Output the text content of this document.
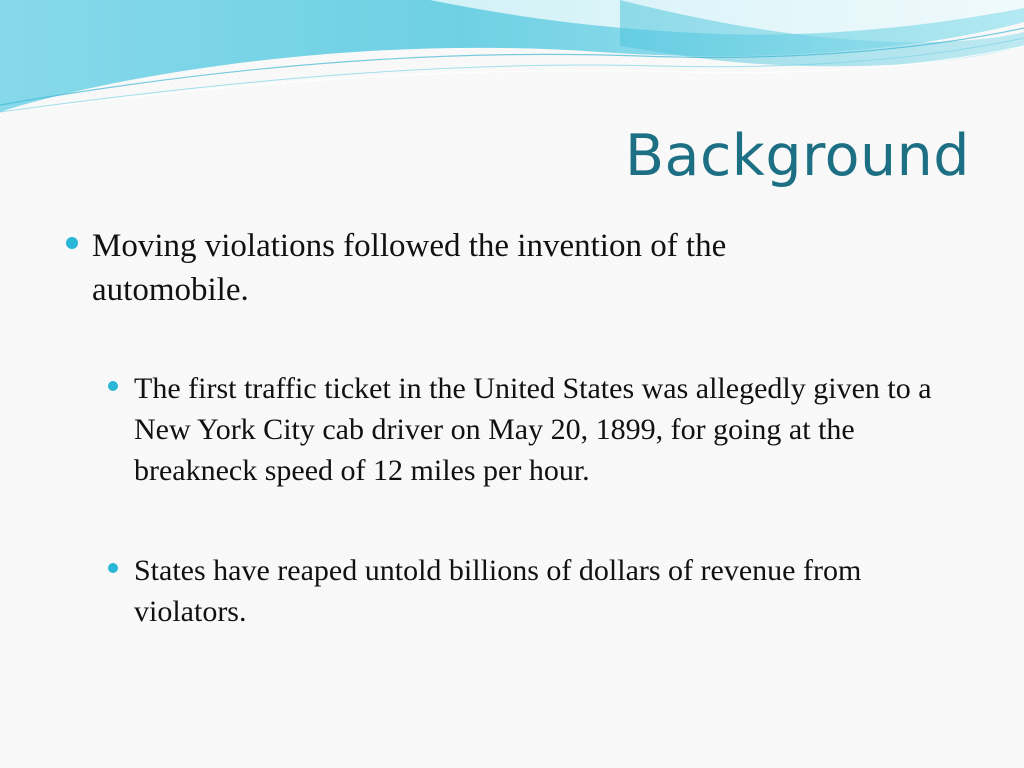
Background
Moving violations followed the invention of the automobile.
The first traffic ticket in the United States was allegedly given to a New York City cab driver on May 20, 1899, for going at the breakneck speed of 12 miles per hour.
States have reaped untold billions of dollars of revenue from violators.
